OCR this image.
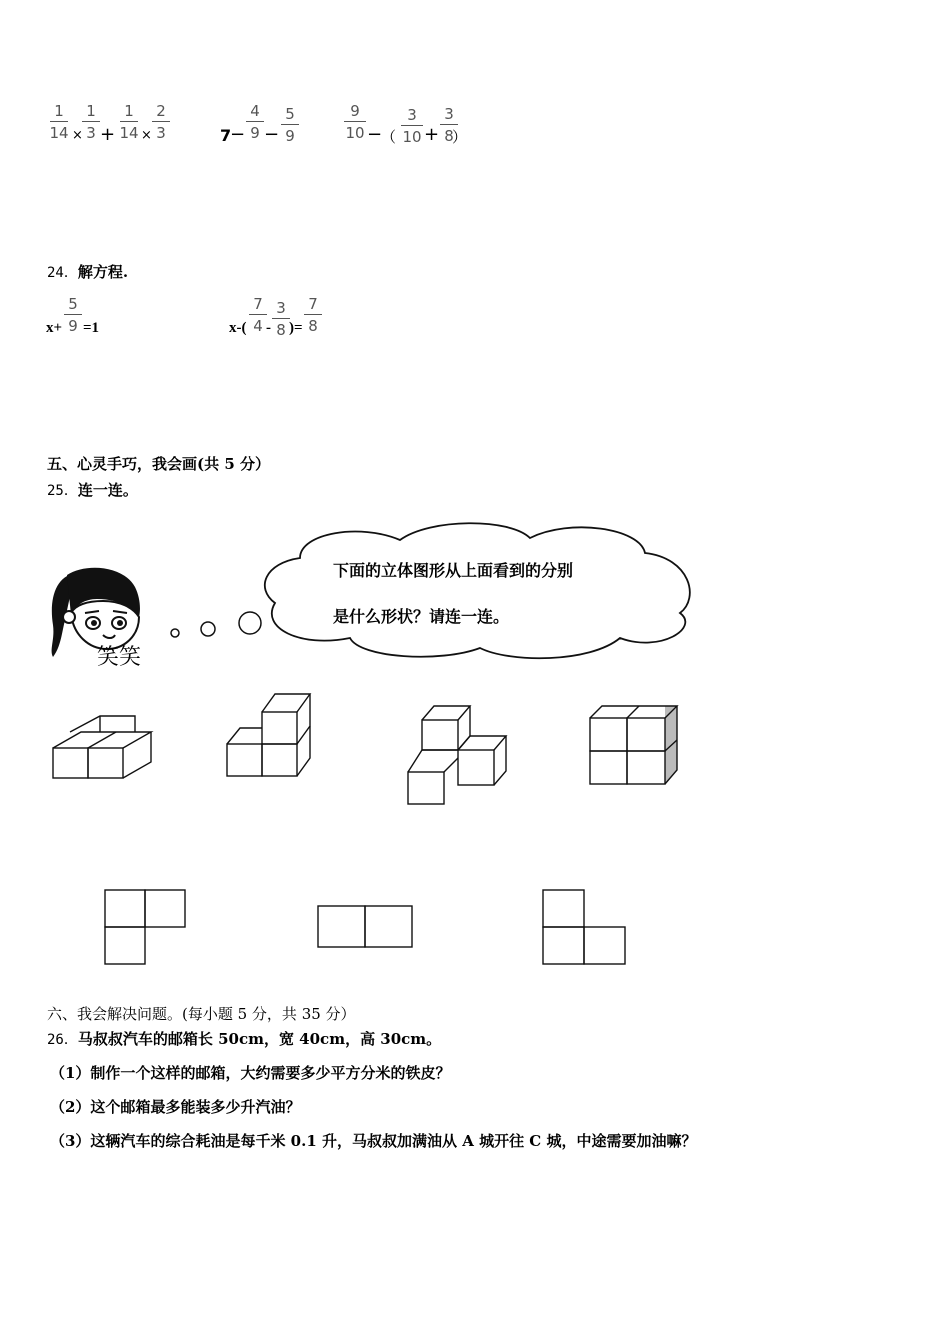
1
14 ×
1
3 +
1
14 ×
2
3	7
−
4
9 −
5
9
9
10 −
（
3
10 +
3
8
）
24．解方程.
x+
5
9 =1	x-(
7
4 -
3
8 )=
7
8
五、心灵手巧，我会画(共 5 分）
25．连一连。
笑笑
下面的立体图形从上面看到的分别
是什么形状？请连一连。
六、我会解决问题。(每小题 5 分，共 35 分）
26．马叔叔汽车的邮箱长 50cm，宽 40cm，高 30cm。
（1）制作一个这样的邮箱，大约需要多少平方分米的铁皮？
（2）这个邮箱最多能装多少升汽油？
（3）这辆汽车的综合耗油是每千米 0.1 升，马叔叔加满油从 A 城开往 C 城，中途需要加油嘛？
